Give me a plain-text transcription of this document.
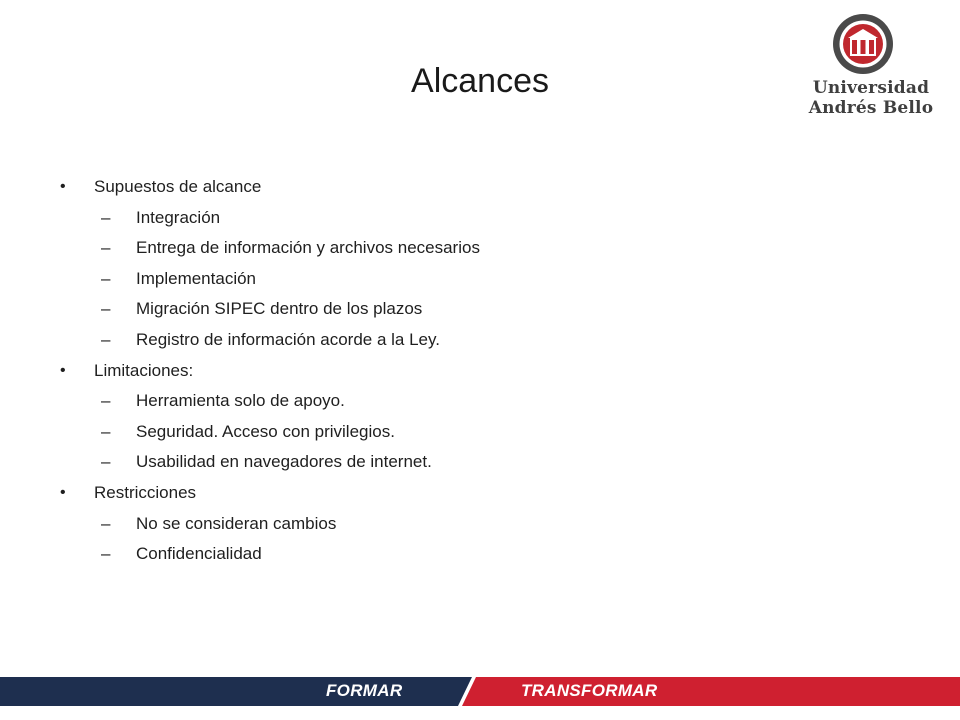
Alcances	Universidad
Andrés Bello
•	Supuestos de alcance
–	Integración
–	Entrega de información y archivos necesarios
–	Implementación
–	Migración SIPEC dentro de los plazos
–	Registro de información acorde a la Ley.
•	Limitaciones:
–	Herramienta solo de apoyo.
–	Seguridad. Acceso con privilegios.
–	Usabilidad en navegadores de internet.
•	Restricciones
–	No se consideran cambios
–	Confidencialidad
FORMAR	TRANSFORMAR
